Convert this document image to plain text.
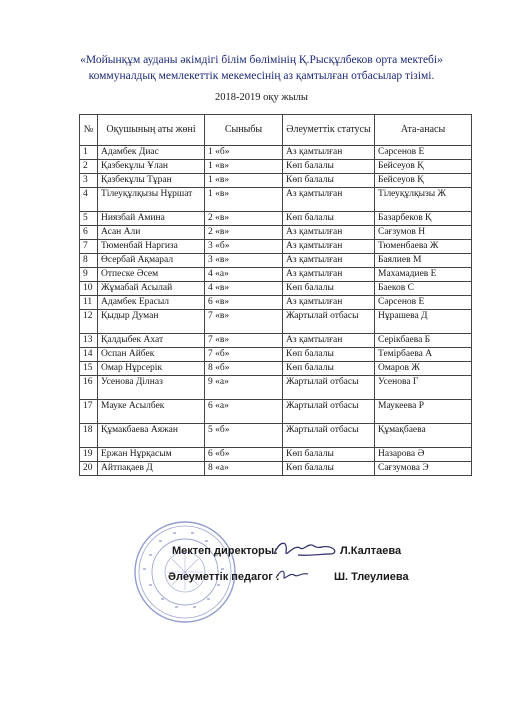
«Мойынқұм ауданы әкімдігі білім бөлімінің Қ.Рысқұлбеков орта мектебі»
коммуналдық мемлекеттік мекемесінің аз қамтылған отбасылар тізімі.
2018-2019 оқу жылы
№	Оқушының аты жөні	Сыныбы	Әлеуметтік статусы	Ата-анасы
1	Адамбек Диас	1 «б»	Аз қамтылған	Сәрсенов Е
2	Қазбекұлы Ұлан	1 «в»	Көп балалы	Бейсеуов Қ
3	Қазбекұлы Тұран	1 «в»	Көп балалы	Бейсеуов Қ
4	Тілеуқұлқызы Нұршат	1 «в»	Аз қамтылған	Тілеуқұлқызы Ж
5	Ниязбай Амина	2 «в»	Көп балалы	Базарбеков Қ
6	Асан Али	2 «в»	Аз қамтылған	Сағзумов Н
7	Тюменбай Наргиза	3 «б»	Аз қамтылған	Тюменбаева Ж
8	Өсербай Ақмарал	3 «в»	Аз қамтылған	Баялиев М
9	Отпеске Әсем	4 «а»	Аз қамтылған	Махамадиев Е
10	Жұмабай Асылай	4 «в»	Көп балалы	Баеков С
11	Адамбек Ерасыл	6 «в»	Аз қамтылған	Сәрсенов Е
12	Қыдыр Думан	7 «в»	Жартылай отбасы	Нұрашева Д
13	Қалдыбек Ахат	7 «в»	Аз қамтылған	Серікбаева Б
14	Оспан Айбек	7 «б»	Көп балалы	Темірбаева А
15	Омар Нұрсерік	8 «б»	Көп балалы	Омаров Ж
16	Усенова Ділназ	9 «а»	Жартылай отбасы	Усенова Г
17	Мауке Асылбек	6 «а»	Жартылай отбасы	Маукеева Р
18	Құмакбаева Аяжан	5 «б»	Жартылай отбасы	Құмақбаева
19	Ержан Нұрқасым	6 «б»	Көп балалы	Назарова Ә
20	Айтпақаев Д	8 «а»	Көп балалы	Сағзумова Э
Мектеп директоры:	Л.Калтаева
Әлеуметтік педагог :	Ш. Тлеулиева
